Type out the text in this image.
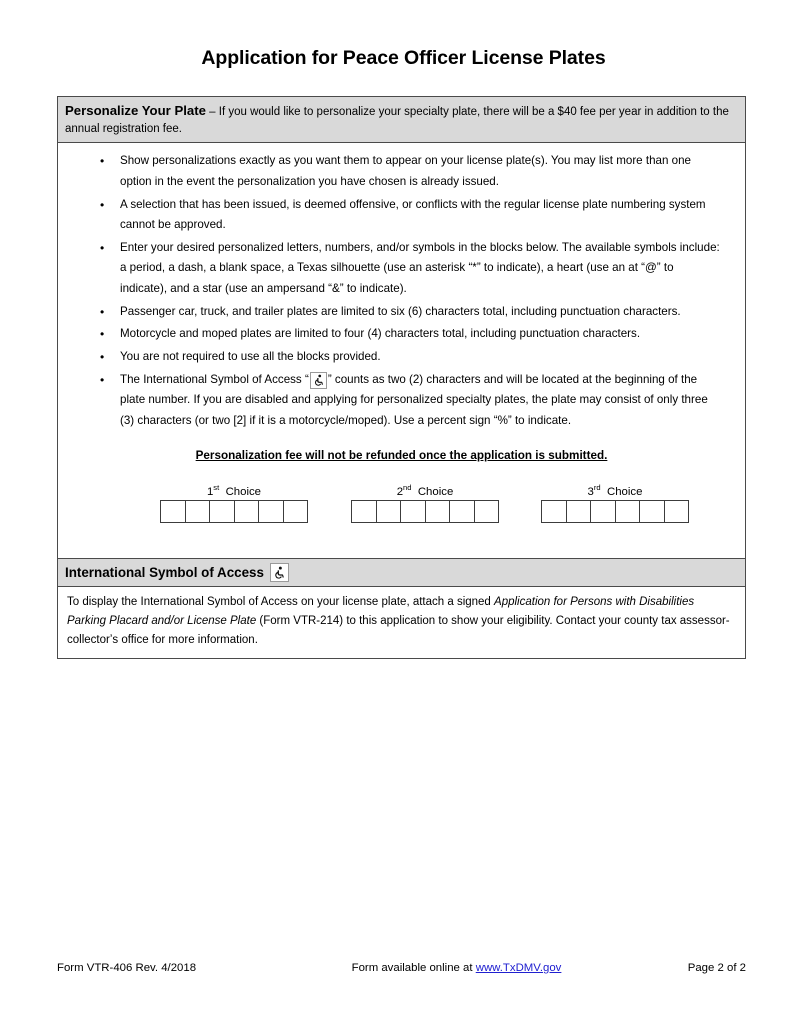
Application for Peace Officer License Plates
Personalize Your Plate – If you would like to personalize your specialty plate, there will be a $40 fee per year in addition to the annual registration fee.
• Show personalizations exactly as you want them to appear on your license plate(s). You may list more than one option in the event the personalization you have chosen is already issued.
• A selection that has been issued, is deemed offensive, or conflicts with the regular license plate numbering system cannot be approved.
• Enter your desired personalized letters, numbers, and/or symbols in the blocks below. The available symbols include: a period, a dash, a blank space, a Texas silhouette (use an asterisk “*” to indicate), a heart (use an at “@” to indicate), and a star (use an ampersand “&” to indicate).
• Passenger car, truck, and trailer plates are limited to six (6) characters total, including punctuation characters.
• Motorcycle and moped plates are limited to four (4) characters total, including punctuation characters.
• You are not required to use all the blocks provided.
• The International Symbol of Access “ ” counts as two (2) characters and will be located at the beginning of the plate number. If you are disabled and applying for personalized specialty plates, the plate may consist of only three (3) characters (or two [2] if it is a motorcycle/moped). Use a percent sign “%” to indicate.
Personalization fee will not be refunded once the application is submitted.
1st Choice	2nd Choice	3rd Choice
International Symbol of Access
To display the International Symbol of Access on your license plate, attach a signed Application for Persons with Disabilities Parking Placard and/or License Plate (Form VTR-214) to this application to show your eligibility. Contact your county tax assessor-collectorʼs office for more information.
Form VTR-406 Rev. 4/2018	Form available online at www.TxDMV.gov	Page 2 of 2
